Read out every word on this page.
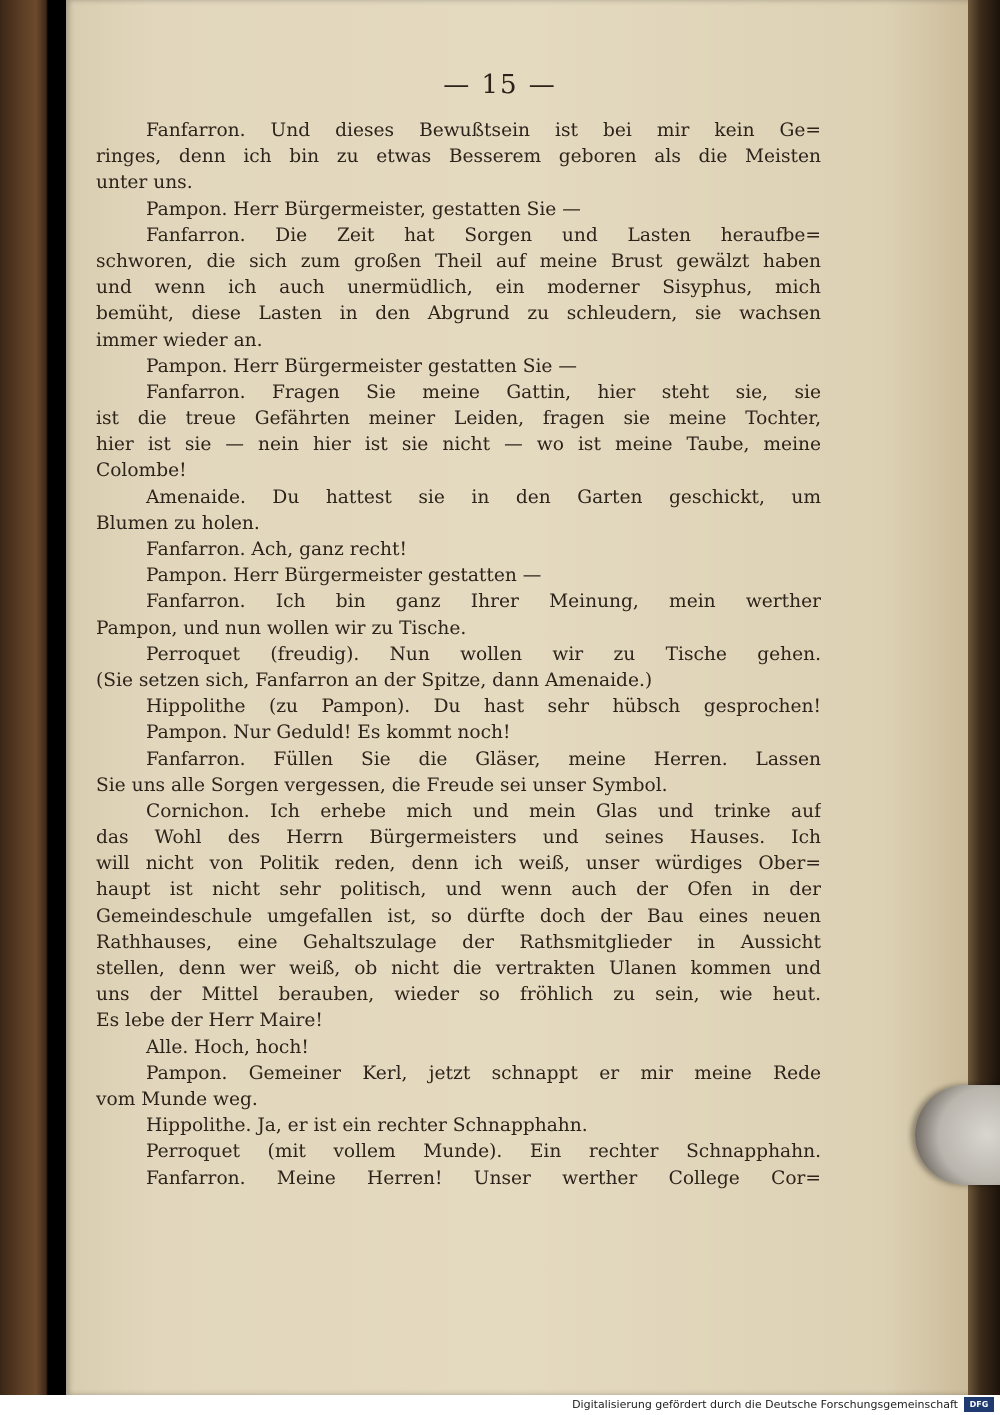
— 15 —
Fanfarron. Und dieses Bewußtsein ist bei mir kein Ge=
ringes, denn ich bin zu etwas Besserem geboren als die Meisten
unter uns.
Pampon. Herr Bürgermeister, gestatten Sie —
Fanfarron. Die Zeit hat Sorgen und Lasten heraufbe=
schworen, die sich zum großen Theil auf meine Brust gewälzt haben
und wenn ich auch unermüdlich, ein moderner Sisyphus, mich
bemüht, diese Lasten in den Abgrund zu schleudern, sie wachsen
immer wieder an.
Pampon. Herr Bürgermeister gestatten Sie —
Fanfarron. Fragen Sie meine Gattin, hier steht sie, sie
ist die treue Gefährten meiner Leiden, fragen sie meine Tochter,
hier ist sie — nein hier ist sie nicht — wo ist meine Taube, meine
Colombe!
Amenaide. Du hattest sie in den Garten geschickt, um
Blumen zu holen.
Fanfarron. Ach, ganz recht!
Pampon. Herr Bürgermeister gestatten —
Fanfarron. Ich bin ganz Ihrer Meinung, mein werther
Pampon, und nun wollen wir zu Tische.
Perroquet (freudig). Nun wollen wir zu Tische gehen.
(Sie setzen sich, Fanfarron an der Spitze, dann Amenaide.)
Hippolithe (zu Pampon). Du hast sehr hübsch gesprochen!
Pampon. Nur Geduld! Es kommt noch!
Fanfarron. Füllen Sie die Gläser, meine Herren. Lassen
Sie uns alle Sorgen vergessen, die Freude sei unser Symbol.
Cornichon. Ich erhebe mich und mein Glas und trinke auf
das Wohl des Herrn Bürgermeisters und seines Hauses. Ich
will nicht von Politik reden, denn ich weiß, unser würdiges Ober=
haupt ist nicht sehr politisch, und wenn auch der Ofen in der
Gemeindeschule umgefallen ist, so dürfte doch der Bau eines neuen
Rathhauses, eine Gehaltszulage der Rathsmitglieder in Aussicht
stellen, denn wer weiß, ob nicht die vertrakten Ulanen kommen und
uns der Mittel berauben, wieder so fröhlich zu sein, wie heut.
Es lebe der Herr Maire!
Alle. Hoch, hoch!
Pampon. Gemeiner Kerl, jetzt schnappt er mir meine Rede
vom Munde weg.
Hippolithe. Ja, er ist ein rechter Schnapphahn.
Perroquet (mit vollem Munde). Ein rechter Schnapphahn.
Fanfarron. Meine Herren! Unser werther College Cor=
Digitalisierung gefördert durch die Deutsche Forschungsgemeinschaft	DFG
